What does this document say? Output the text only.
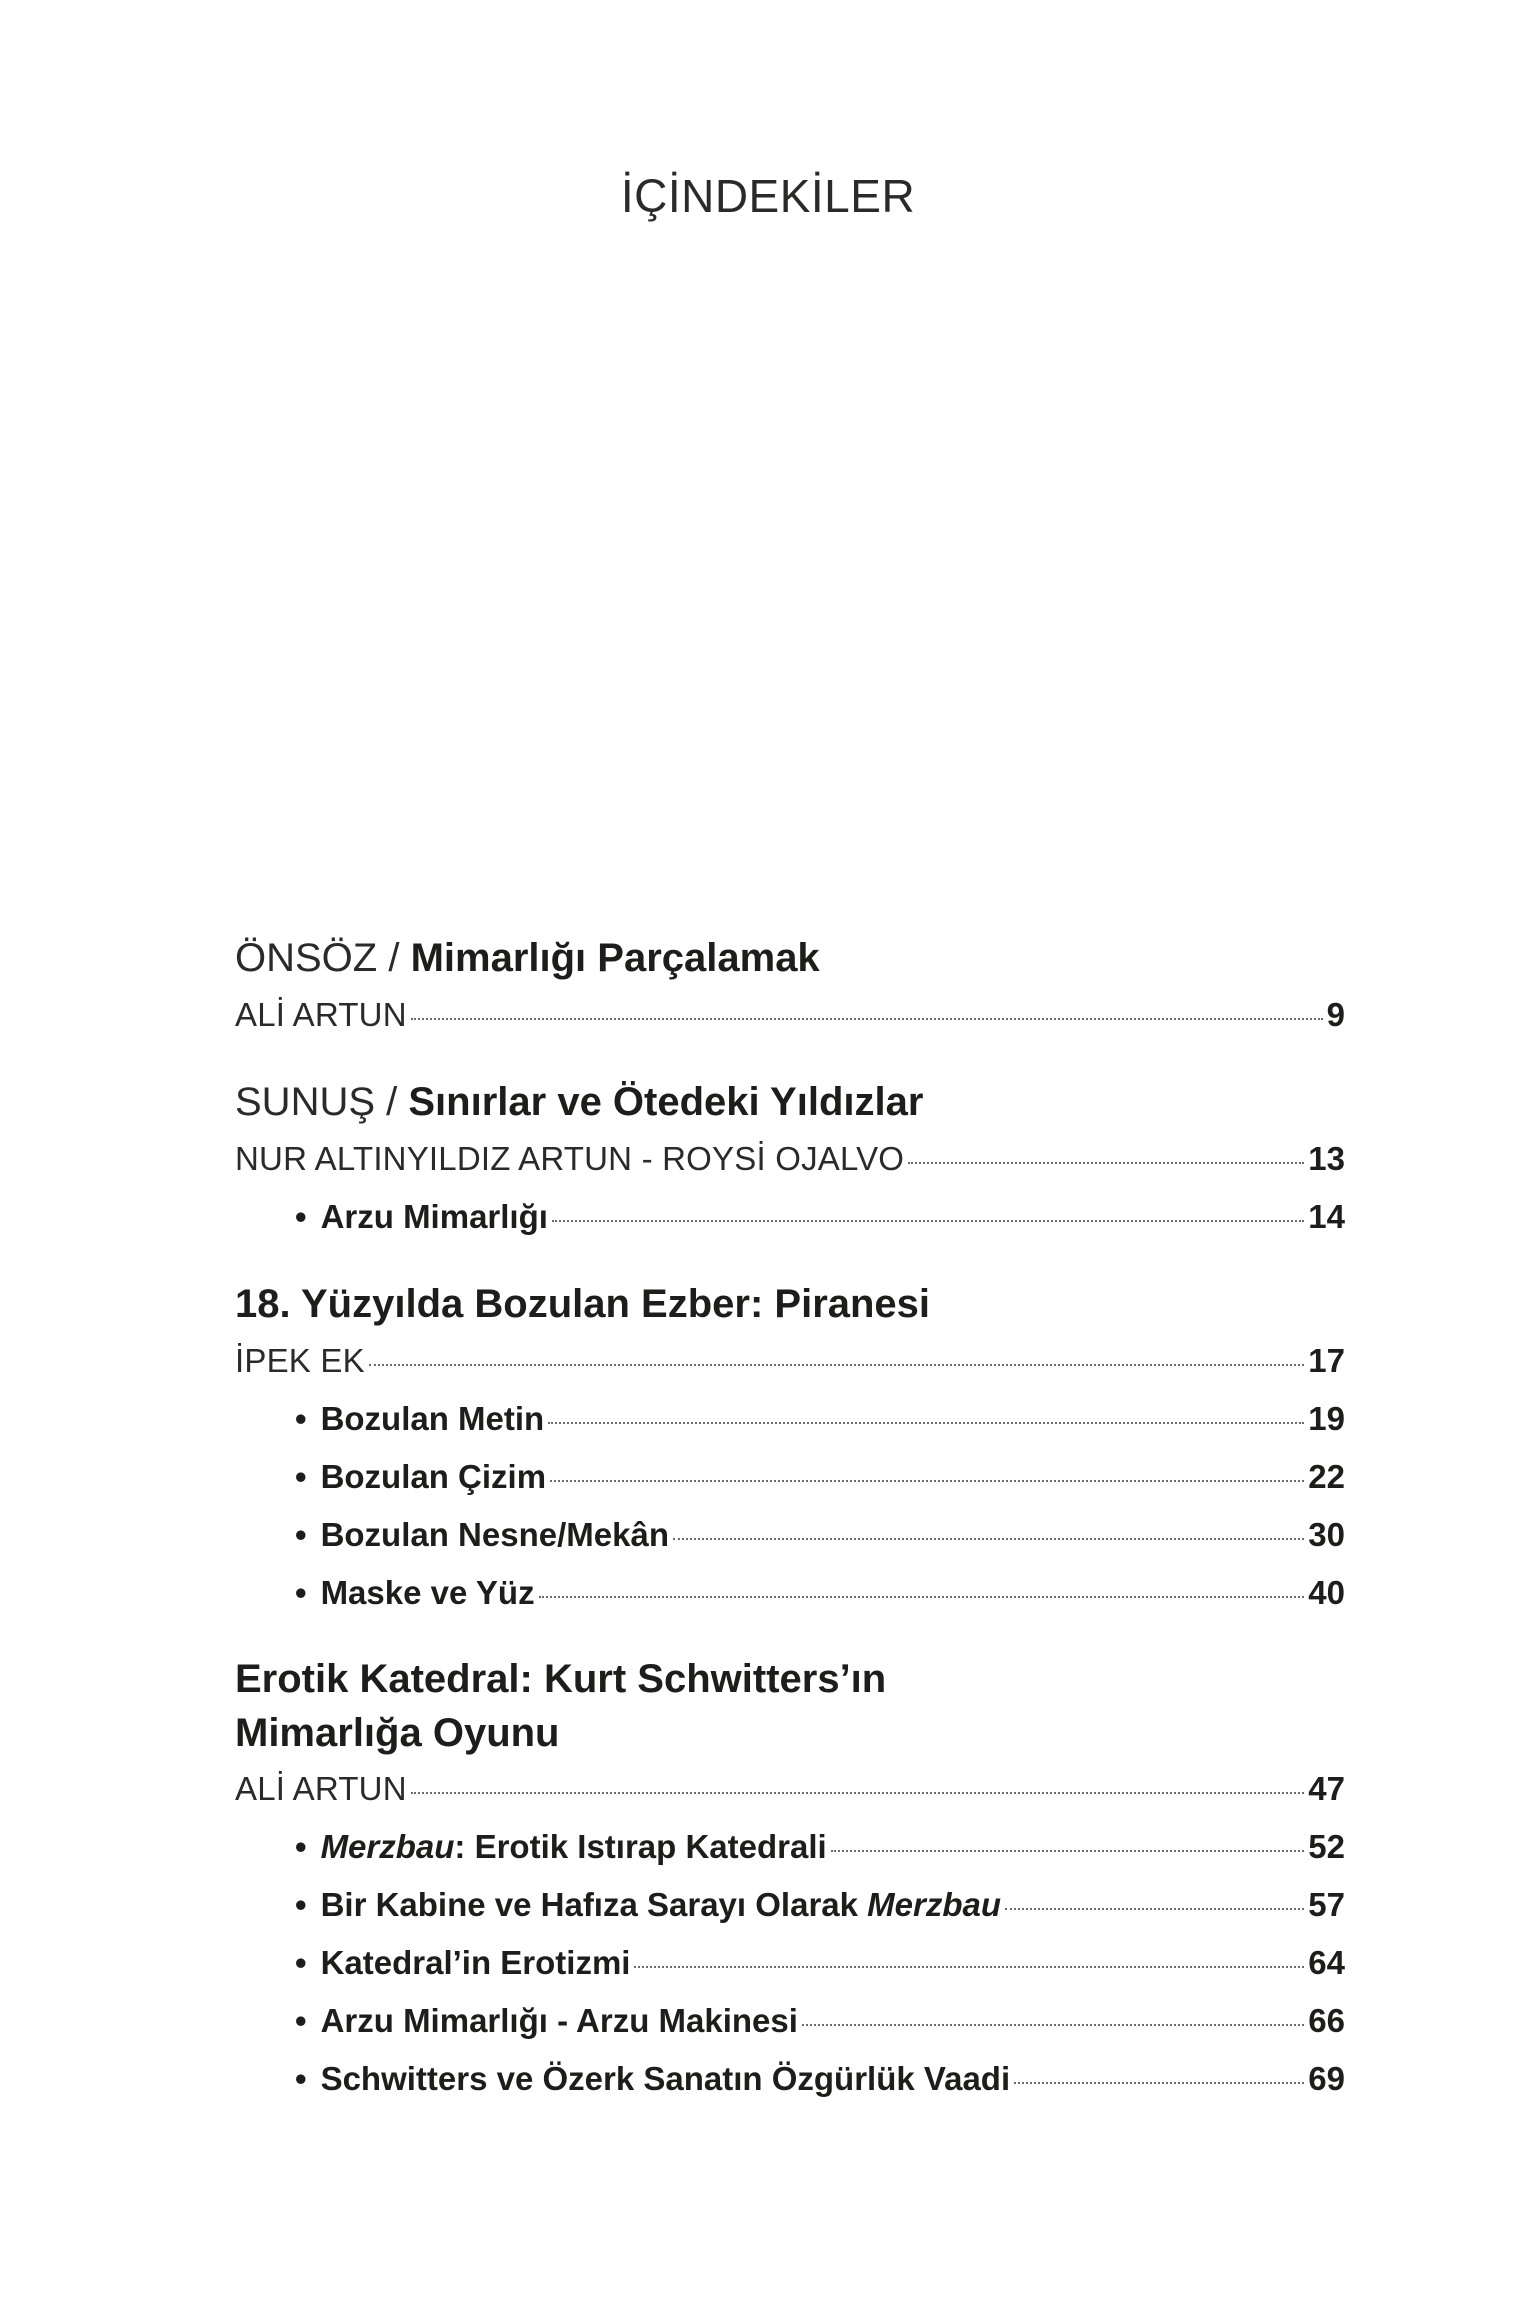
İÇİNDEKİLER
ÖNSÖZ / Mimarlığı Parçalamak
ALİ ARTUN	9
SUNUŞ / Sınırlar ve Ötedeki Yıldızlar
NUR ALTINYILDIZ ARTUN - ROYSİ OJALVO	13
• Arzu Mimarlığı	14
18. Yüzyılda Bozulan Ezber: Piranesi
İPEK EK	17
• Bozulan Metin	19
• Bozulan Çizim	22
• Bozulan Nesne/Mekân	30
• Maske ve Yüz	40
Erotik Katedral: Kurt Schwitters’ın
Mimarlığa Oyunu
ALİ ARTUN	47
• Merzbau: Erotik Istırap Katedrali	52
• Bir Kabine ve Hafıza Sarayı Olarak Merzbau	57
• Katedral’in Erotizmi	64
• Arzu Mimarlığı - Arzu Makinesi	66
• Schwitters ve Özerk Sanatın Özgürlük Vaadi	69
